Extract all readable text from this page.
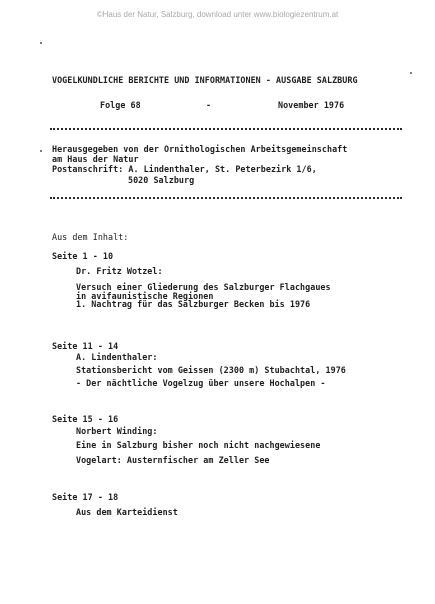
©Haus der Natur, Salzburg, download unter www.biologiezentrum.at
VOGELKUNDLICHE BERICHTE UND INFORMATIONEN - AUSGABE SALZBURG
Folge 68	-	November 1976
Herausgegeben von der Ornithologischen Arbeitsgemeinschaft
am Haus der Natur
Postanschrift: A. Lindenthaler, St. Peterbezirk 1/6,
5020 Salzburg
Aus dem Inhalt:
Seite 1 - 10
Dr. Fritz Wotzel:
Versuch einer Gliederung des Salzburger Flachgaues
in avifaunistische Regionen
1. Nachtrag für das Salzburger Becken bis 1976
Seite 11 - 14
A. Lindenthaler:
Stationsbericht vom Geissen (2300 m) Stubachtal, 1976
- Der nächtliche Vogelzug über unsere Hochalpen -
Seite 15 - 16
Norbert Winding:
Eine in Salzburg bisher noch nicht nachgewiesene
Vogelart: Austernfischer am Zeller See
Seite 17 - 18
Aus dem Karteidienst
